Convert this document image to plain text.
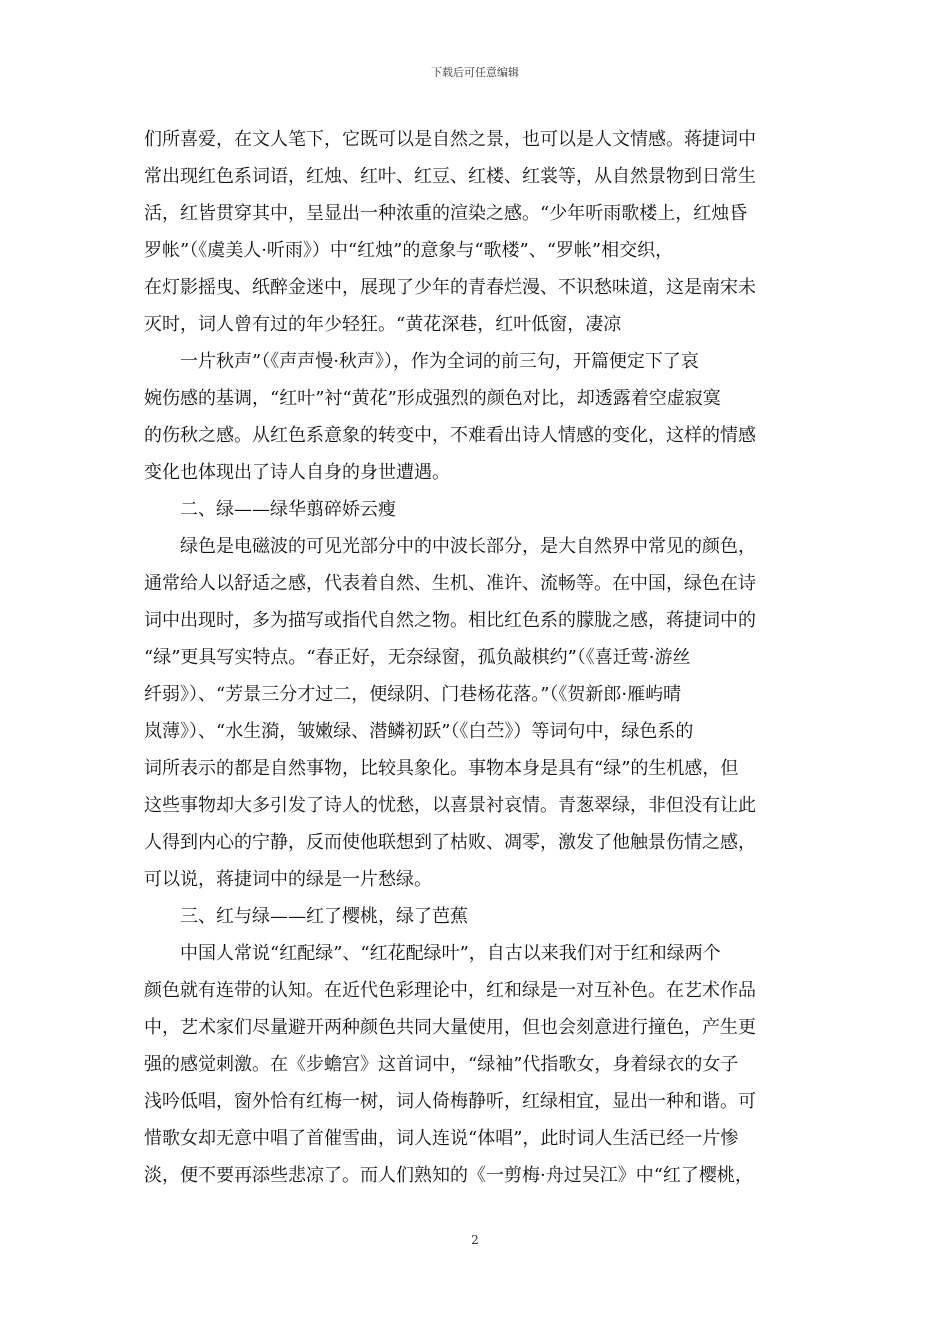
下载后可任意编辑

们所喜爱，在文人笔下，它既可以是自然之景，也可以是人文情感。蒋捷词中
常出现红色系词语，红烛、红叶、红豆、红楼、红裳等，从自然景物到日常生
活，红皆贯穿其中，呈显出一种浓重的渲染之感。“少年听雨歌楼上，红烛昏
罗帐”（《虞美人·听雨》）中“红烛”的意象与“歌楼”、“罗帐”相交织，
在灯影摇曳、纸醉金迷中，展现了少年的青春烂漫、不识愁味道，这是南宋未
灭时，词人曾有过的年少轻狂。“黄花深巷，红叶低窗，凄凉

一片秋声”（《声声慢·秋声》），作为全词的前三句，开篇便定下了哀
婉伤感的基调，“红叶”衬“黄花”形成强烈的颜色对比，却透露着空虚寂寞
的伤秋之感。从红色系意象的转变中，不难看出诗人情感的变化，这样的情感
变化也体现出了诗人自身的身世遭遇。

二、绿——绿华翦碎娇云瘦

绿色是电磁波的可见光部分中的中波长部分，是大自然界中常见的颜色，
通常给人以舒适之感，代表着自然、生机、准许、流畅等。在中国，绿色在诗
词中出现时，多为描写或指代自然之物。相比红色系的朦胧之感，蒋捷词中的
“绿”更具写实特点。“春正好，无奈绿窗，孤负敲棋约”（《喜迁莺·游丝
纤弱》）、“芳景三分才过二，便绿阴、门巷杨花落。”（《贺新郎·雁屿晴
岚薄》）、“水生漪，皱嫩绿、潜鳞初跃”（《白苎》）等词句中，绿色系的
词所表示的都是自然事物，比较具象化。事物本身是具有“绿”的生机感，但
这些事物却大多引发了诗人的忧愁，以喜景衬哀情。青葱翠绿，非但没有让此
人得到内心的宁静，反而使他联想到了枯败、凋零，激发了他触景伤情之感，
可以说，蒋捷词中的绿是一片愁绿。

三、红与绿——红了樱桃，绿了芭蕉

中国人常说“红配绿”、“红花配绿叶”，自古以来我们对于红和绿两个
颜色就有连带的认知。在近代色彩理论中，红和绿是一对互补色。在艺术作品
中，艺术家们尽量避开两种颜色共同大量使用，但也会刻意进行撞色，产生更
强的感觉刺激。在《步蟾宫》这首词中，“绿袖”代指歌女，身着绿衣的女子
浅吟低唱，窗外恰有红梅一树，词人倚梅静听，红绿相宜，显出一种和谐。可
惜歌女却无意中唱了首催雪曲，词人连说“体唱”，此时词人生活已经一片惨
淡，便不要再添些悲凉了。而人们熟知的《一剪梅·舟过吴江》中“红了樱桃，

2
